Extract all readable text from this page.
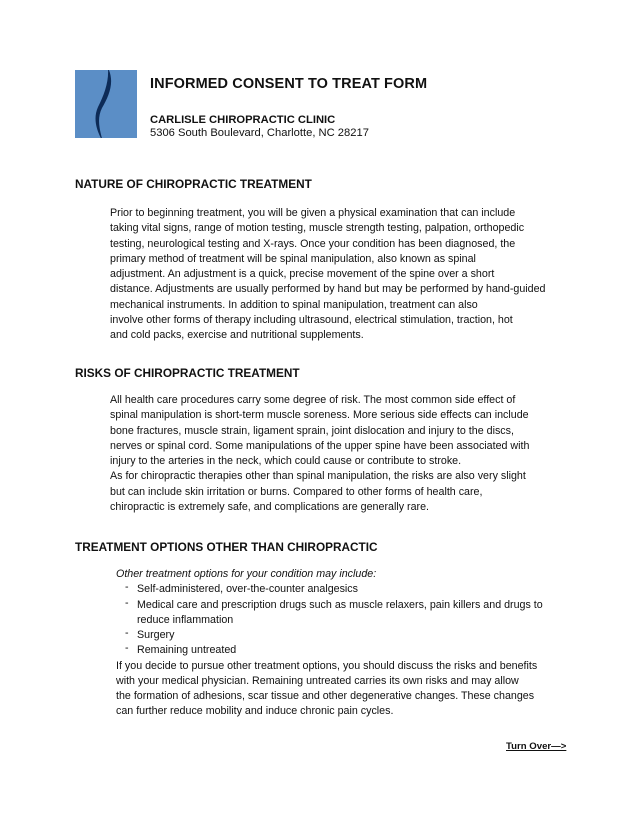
INFORMED CONSENT TO TREAT FORM
CARLISLE CHIROPRACTIC CLINIC
5306 South Boulevard, Charlotte, NC 28217
NATURE OF CHIROPRACTIC TREATMENT
Prior to beginning treatment, you will be given a physical examination that can include
taking vital signs, range of motion testing, muscle strength testing, palpation, orthopedic
testing, neurological testing and X-rays. Once your condition has been diagnosed, the
primary method of treatment will be spinal manipulation, also known as spinal
adjustment. An adjustment is a quick, precise movement of the spine over a short
distance. Adjustments are usually performed by hand but may be performed by hand-guided
mechanical instruments. In addition to spinal manipulation, treatment can also
involve other forms of therapy including ultrasound, electrical stimulation, traction, hot
and cold packs, exercise and nutritional supplements.
RISKS OF CHIROPRACTIC TREATMENT
All health care procedures carry some degree of risk. The most common side effect of
spinal manipulation is short-term muscle soreness. More serious side effects can include
bone fractures, muscle strain, ligament sprain, joint dislocation and injury to the discs,
nerves or spinal cord. Some manipulations of the upper spine have been associated with
injury to the arteries in the neck, which could cause or contribute to stroke.
As for chiropractic therapies other than spinal manipulation, the risks are also very slight
but can include skin irritation or burns. Compared to other forms of health care,
chiropractic is extremely safe, and complications are generally rare.
TREATMENT OPTIONS OTHER THAN CHIROPRACTIC
Other treatment options for your condition may include:
- Self-administered, over-the-counter analgesics
- Medical care and prescription drugs such as muscle relaxers, pain killers and drugs to
reduce inflammation
- Surgery
- Remaining untreated
If you decide to pursue other treatment options, you should discuss the risks and benefits
with your medical physician. Remaining untreated carries its own risks and may allow
the formation of adhesions, scar tissue and other degenerative changes. These changes
can further reduce mobility and induce chronic pain cycles.
Turn Over—>
